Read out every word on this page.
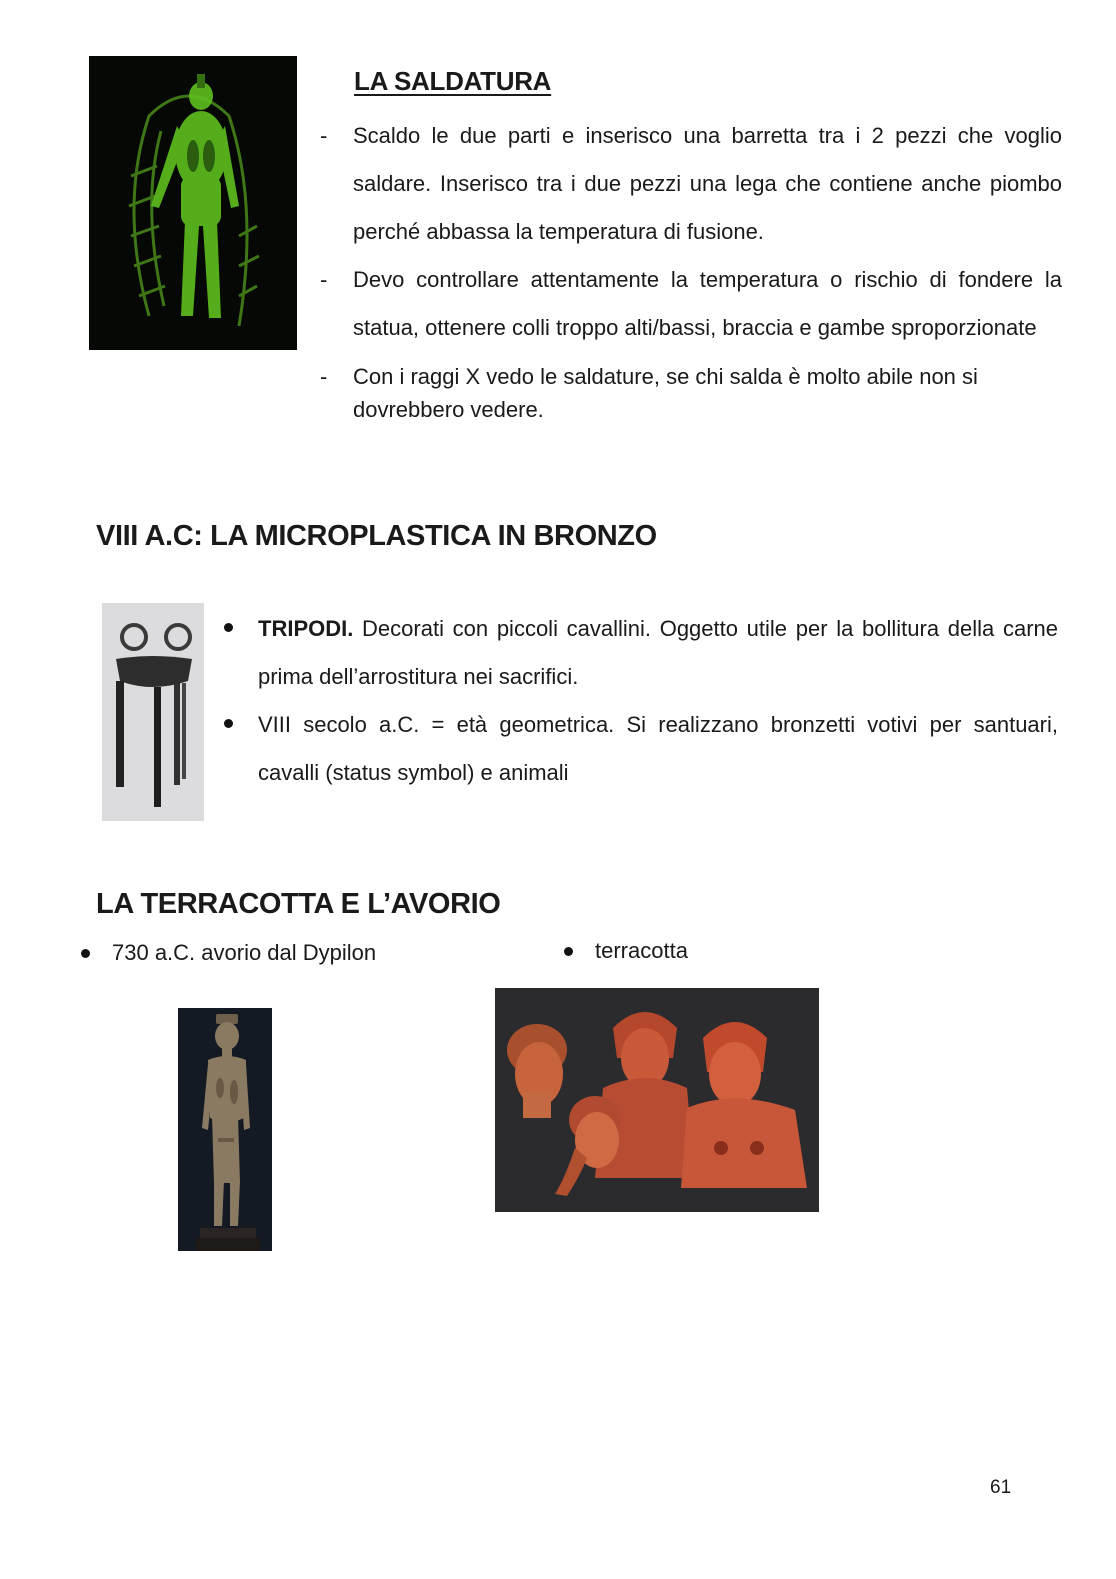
LA SALDATURA
- Scaldo le due parti e inserisco una barretta tra i 2 pezzi che voglio saldare. Inserisco tra i due pezzi una lega che contiene anche piombo perché abbassa la temperatura di fusione.
- Devo controllare attentamente la temperatura o rischio di fondere la statua, ottenere colli troppo alti/bassi, braccia e gambe sproporzionate
- Con i raggi X vedo le saldature, se chi salda è molto abile non si dovrebbero vedere.
VIII A.C: LA MICROPLASTICA IN BRONZO
TRIPODI. Decorati con piccoli cavallini. Oggetto utile per la bollitura della carne prima dell’arrostitura nei sacrifici.
VIII secolo a.C. = età geometrica. Si realizzano bronzetti votivi per santuari, cavalli (status symbol) e animali
LA TERRACOTTA E L’AVORIO
730 a.C. avorio dal Dypilon	terracotta
61
